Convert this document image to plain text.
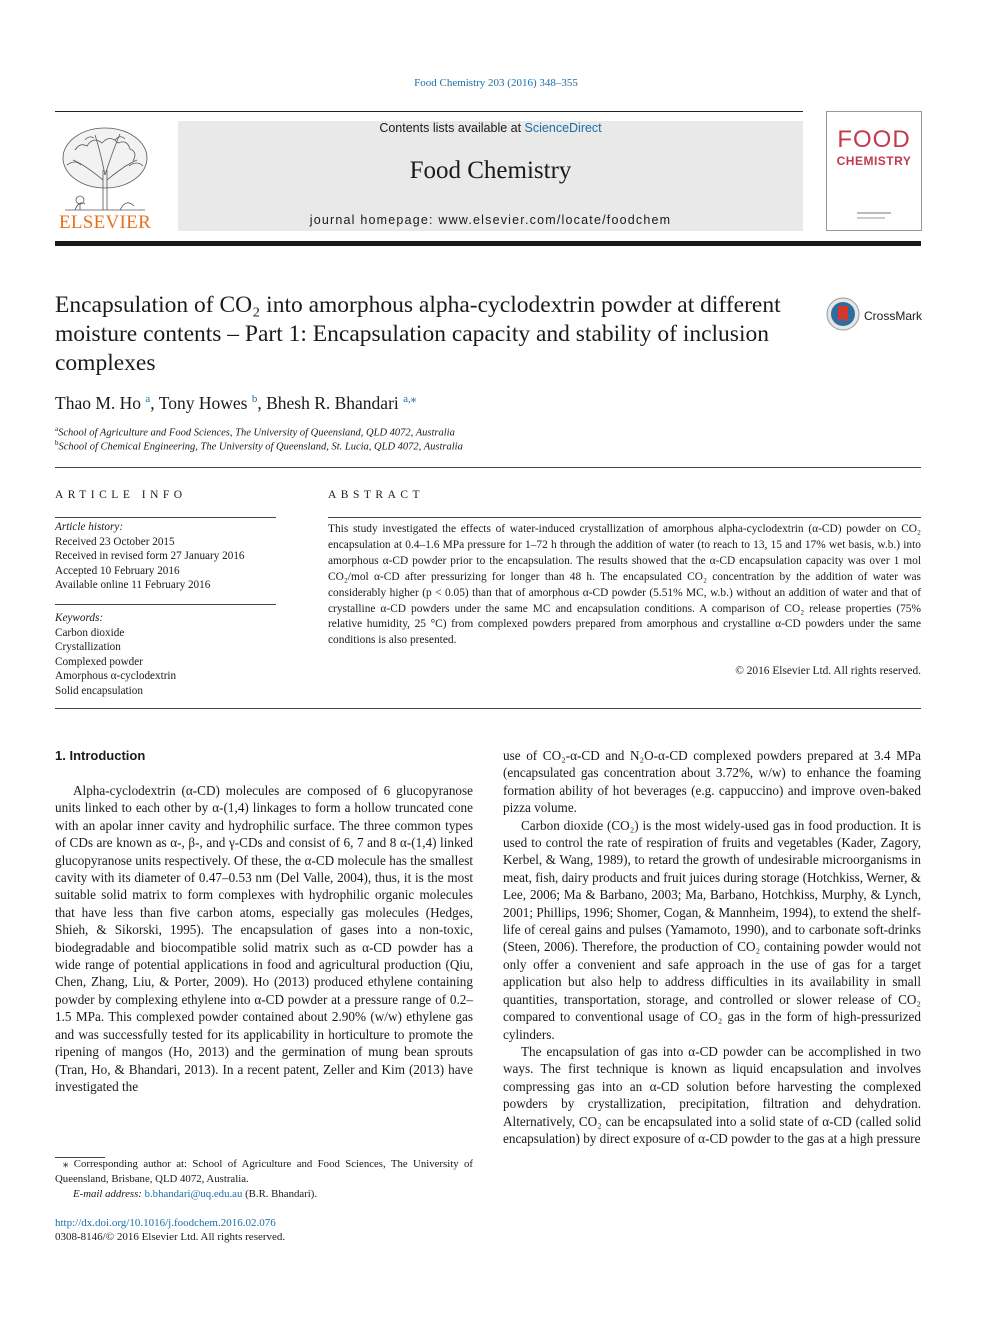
Food Chemistry 203 (2016) 348–355
ELSEVIER
Contents lists available at ScienceDirect
Food Chemistry
journal homepage: www.elsevier.com/locate/foodchem
FOOD
CHEMISTRY
Encapsulation of CO₂ into amorphous alpha-cyclodextrin powder at different moisture contents – Part 1: Encapsulation capacity and stability of inclusion complexes
CrossMark
Thao M. Ho $^a$, Tony Howes $^b$, Bhesh R. Bhandari $^{a,⁎}$
$^a$School of Agriculture and Food Sciences, The University of Queensland, QLD 4072, Australia
$^b$School of Chemical Engineering, The University of Queensland, St. Lucia, QLD 4072, Australia
ARTICLE INFO
Article history:
Received 23 October 2015
Received in revised form 27 January 2016
Accepted 10 February 2016
Available online 11 February 2016
Keywords:
Carbon dioxide
Crystallization
Complexed powder
Amorphous α-cyclodextrin
Solid encapsulation
ABSTRACT
This study investigated the effects of water-induced crystallization of amorphous alpha-cyclodextrin (α-CD) powder on CO₂ encapsulation at 0.4–1.6 MPa pressure for 1–72 h through the addition of water (to reach to 13, 15 and 17% wet basis, w.b.) into amorphous α-CD powder prior to the encapsulation. The results showed that the α-CD encapsulation capacity was over 1 mol CO₂/mol α-CD after pressurizing for longer than 48 h. The encapsulated CO₂ concentration by the addition of water was considerably higher (p < 0.05) than that of amorphous α-CD powder (5.51% MC, w.b.) without an addition of water and that of crystalline α-CD powders under the same MC and encapsulation conditions. A comparison of CO₂ release properties (75% relative humidity, 25 °C) from complexed powders prepared from amorphous and crystalline α-CD powders under the same conditions is also presented.
© 2016 Elsevier Ltd. All rights reserved.
1. Introduction

Alpha-cyclodextrin (α-CD) molecules are composed of 6 glucopyranose units linked to each other by α-(1,4) linkages to form a hollow truncated cone with an apolar inner cavity and hydrophilic surface. The three common types of CDs are known as α-, β-, and γ-CDs and consist of 6, 7 and 8 α-(1,4) linked glucopyranose units respectively. Of these, the α-CD molecule has the smallest cavity with its diameter of 0.47–0.53 nm (Del Valle, 2004), thus, it is the most suitable solid matrix to form complexes with hydrophilic organic molecules that have less than five carbon atoms, especially gas molecules (Hedges, Shieh, & Sikorski, 1995). The encapsulation of gases into a non-toxic, biodegradable and biocompatible solid matrix such as α-CD powder has a wide range of potential applications in food and agricultural production (Qiu, Chen, Zhang, Liu, & Porter, 2009). Ho (2013) produced ethylene containing powder by complexing ethylene into α-CD powder at a pressure range of 0.2–1.5 MPa. This complexed powder contained about 2.90% (w/w) ethylene gas and was successfully tested for its applicability in horticulture to promote the ripening of mangos (Ho, 2013) and the germination of mung bean sprouts (Tran, Ho, & Bhandari, 2013). In a recent patent, Zeller and Kim (2013) have investigated the

use of CO₂-α-CD and N₂O-α-CD complexed powders prepared at 3.4 MPa (encapsulated gas concentration about 3.72%, w/w) to enhance the foaming formation ability of hot beverages (e.g. cappuccino) and improve oven-baked pizza volume.

Carbon dioxide (CO₂) is the most widely-used gas in food production. It is used to control the rate of respiration of fruits and vegetables (Kader, Zagory, Kerbel, & Wang, 1989), to retard the growth of undesirable microorganisms in meat, fish, dairy products and fruit juices during storage (Hotchkiss, Werner, & Lee, 2006; Ma & Barbano, 2003; Ma, Barbano, Hotchkiss, Murphy, & Lynch, 2001; Phillips, 1996; Shomer, Cogan, & Mannheim, 1994), to extend the shelf-life of cereal gains and pulses (Yamamoto, 1990), and to carbonate soft-drinks (Steen, 2006). Therefore, the production of CO₂ containing powder would not only offer a convenient and safe approach in the use of gas for a target application but also help to address difficulties in its availability in small quantities, transportation, storage, and controlled or slower release of CO₂ compared to conventional usage of CO₂ gas in the form of high-pressurized cylinders.

The encapsulation of gas into α-CD powder can be accomplished in two ways. The first technique is known as liquid encapsulation and involves compressing gas into an α-CD solution before harvesting the complexed powders by crystallization, precipitation, filtration and dehydration. Alternatively, CO₂ can be encapsulated into a solid state of α-CD (called solid encapsulation) by direct exposure of α-CD powder to the gas at a high pressure

⁎ Corresponding author at: School of Agriculture and Food Sciences, The University of Queensland, Brisbane, QLD 4072, Australia.
E-mail address: b.bhandari@uq.edu.au (B.R. Bhandari).
http://dx.doi.org/10.1016/j.foodchem.2016.02.076
0308-8146/© 2016 Elsevier Ltd. All rights reserved.
